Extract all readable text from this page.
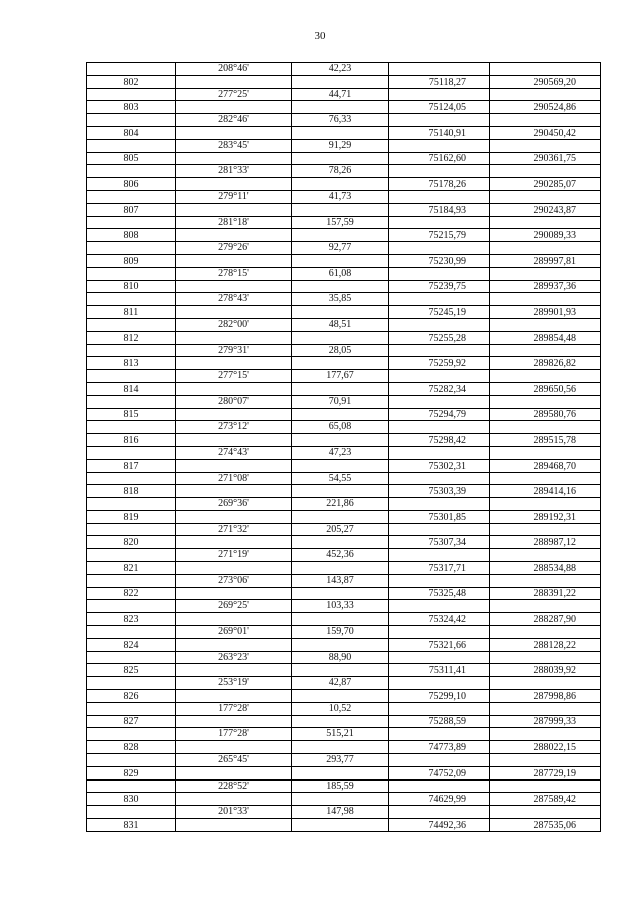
30
	208°46'	42,23		
802			75118,27	290569,20
	277°25'	44,71		
803			75124,05	290524,86
	282°46'	76,33		
804			75140,91	290450,42
	283°45'	91,29		
805			75162,60	290361,75
	281°33'	78,26		
806			75178,26	290285,07
	279°11'	41,73		
807			75184,93	290243,87
	281°18'	157,59		
808			75215,79	290089,33
	279°26'	92,77		
809			75230,99	289997,81
	278°15'	61,08		
810			75239,75	289937,36
	278°43'	35,85		
811			75245,19	289901,93
	282°00'	48,51		
812			75255,28	289854,48
	279°31'	28,05		
813			75259,92	289826,82
	277°15'	177,67		
814			75282,34	289650,56
	280°07'	70,91		
815			75294,79	289580,76
	273°12'	65,08		
816			75298,42	289515,78
	274°43'	47,23		
817			75302,31	289468,70
	271°08'	54,55		
818			75303,39	289414,16
	269°36'	221,86		
819			75301,85	289192,31
	271°32'	205,27		
820			75307,34	288987,12
	271°19'	452,36		
821			75317,71	288534,88
	273°06'	143,87		
822			75325,48	288391,22
	269°25'	103,33		
823			75324,42	288287,90
	269°01'	159,70		
824			75321,66	288128,22
	263°23'	88,90		
825			75311,41	288039,92
	253°19'	42,87		
826			75299,10	287998,86
	177°28'	10,52		
827			75288,59	287999,33
	177°28'	515,21		
828			74773,89	288022,15
	265°45'	293,77		
829			74752,09	287729,19
	228°52'	185,59		
830			74629,99	287589,42
	201°33'	147,98		
831			74492,36	287535,06
